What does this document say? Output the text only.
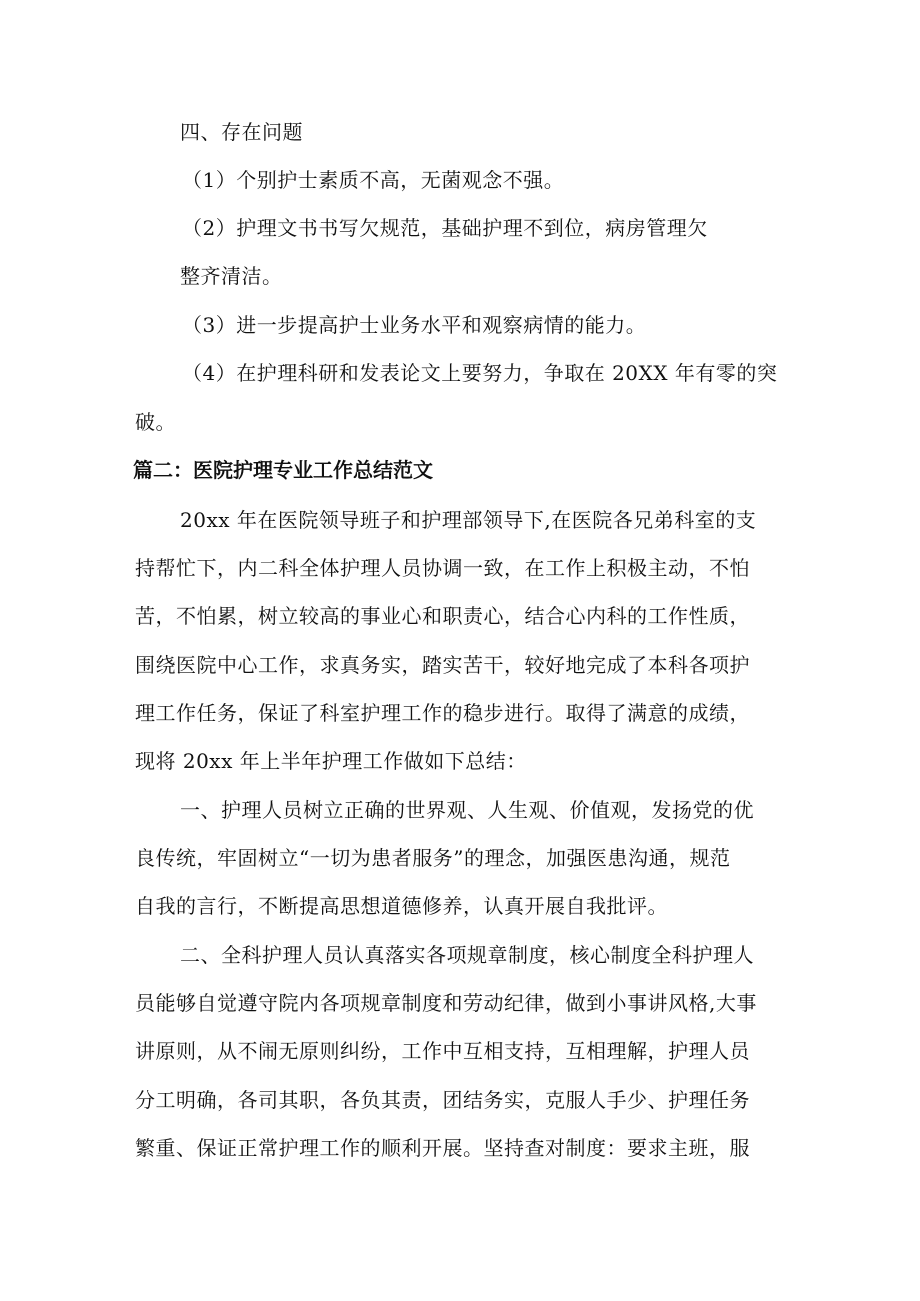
四、存在问题
（1）个别护士素质不高，无菌观念不强。
（2）护理文书书写欠规范，基础护理不到位，病房管理欠
整齐清洁。
（3）进一步提高护士业务水平和观察病情的能力。
（4）在护理科研和发表论文上要努力，争取在 20XX 年有零的突
破。
篇二：医院护理专业工作总结范文
20xx 年在医院领导班子和护理部领导下,在医院各兄弟科室的支
持帮忙下，内二科全体护理人员协调一致，在工作上积极主动，不怕
苦，不怕累，树立较高的事业心和职责心，结合心内科的工作性质，
围绕医院中心工作，求真务实，踏实苦干，较好地完成了本科各项护
理工作任务，保证了科室护理工作的稳步进行。取得了满意的成绩，
现将 20xx 年上半年护理工作做如下总结：
一、护理人员树立正确的世界观、人生观、价值观，发扬党的优
良传统，牢固树立“一切为患者服务”的理念，加强医患沟通，规范
自我的言行，不断提高思想道德修养，认真开展自我批评。
二、全科护理人员认真落实各项规章制度，核心制度全科护理人
员能够自觉遵守院内各项规章制度和劳动纪律，做到小事讲风格,大事
讲原则，从不闹无原则纠纷，工作中互相支持，互相理解，护理人员
分工明确，各司其职，各负其责，团结务实，克服人手少、护理任务
繁重、保证正常护理工作的顺利开展。坚持查对制度：要求主班，服
